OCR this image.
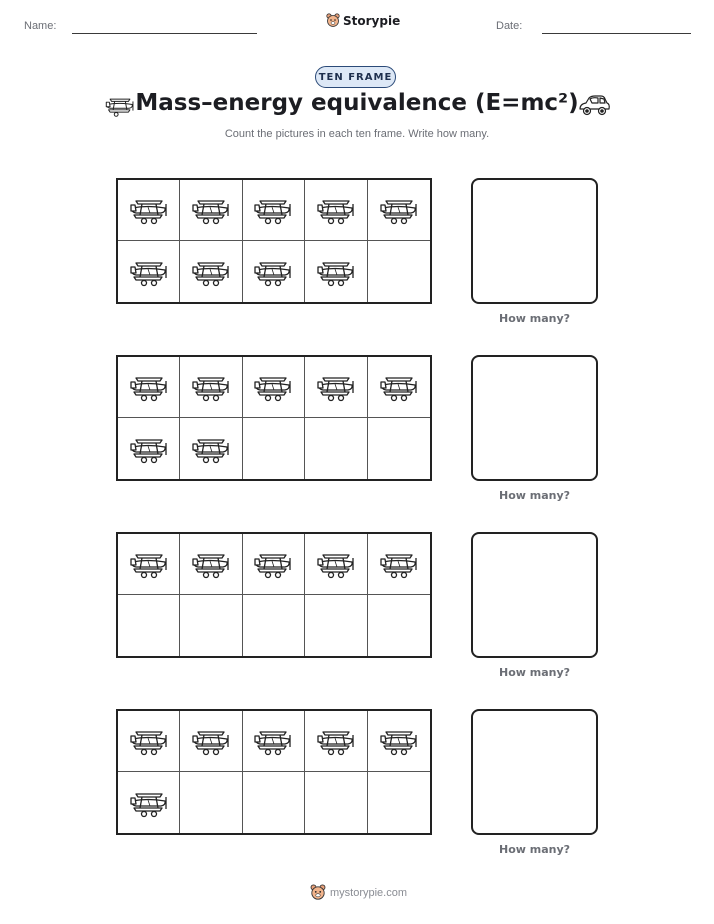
Name:	Storypie	Date:
TEN FRAME
Mass–energy equivalence (E=mc²)
Count the pictures in each ten frame. Write how many.
How many?
How many?
How many?
How many?
mystorypie.com
